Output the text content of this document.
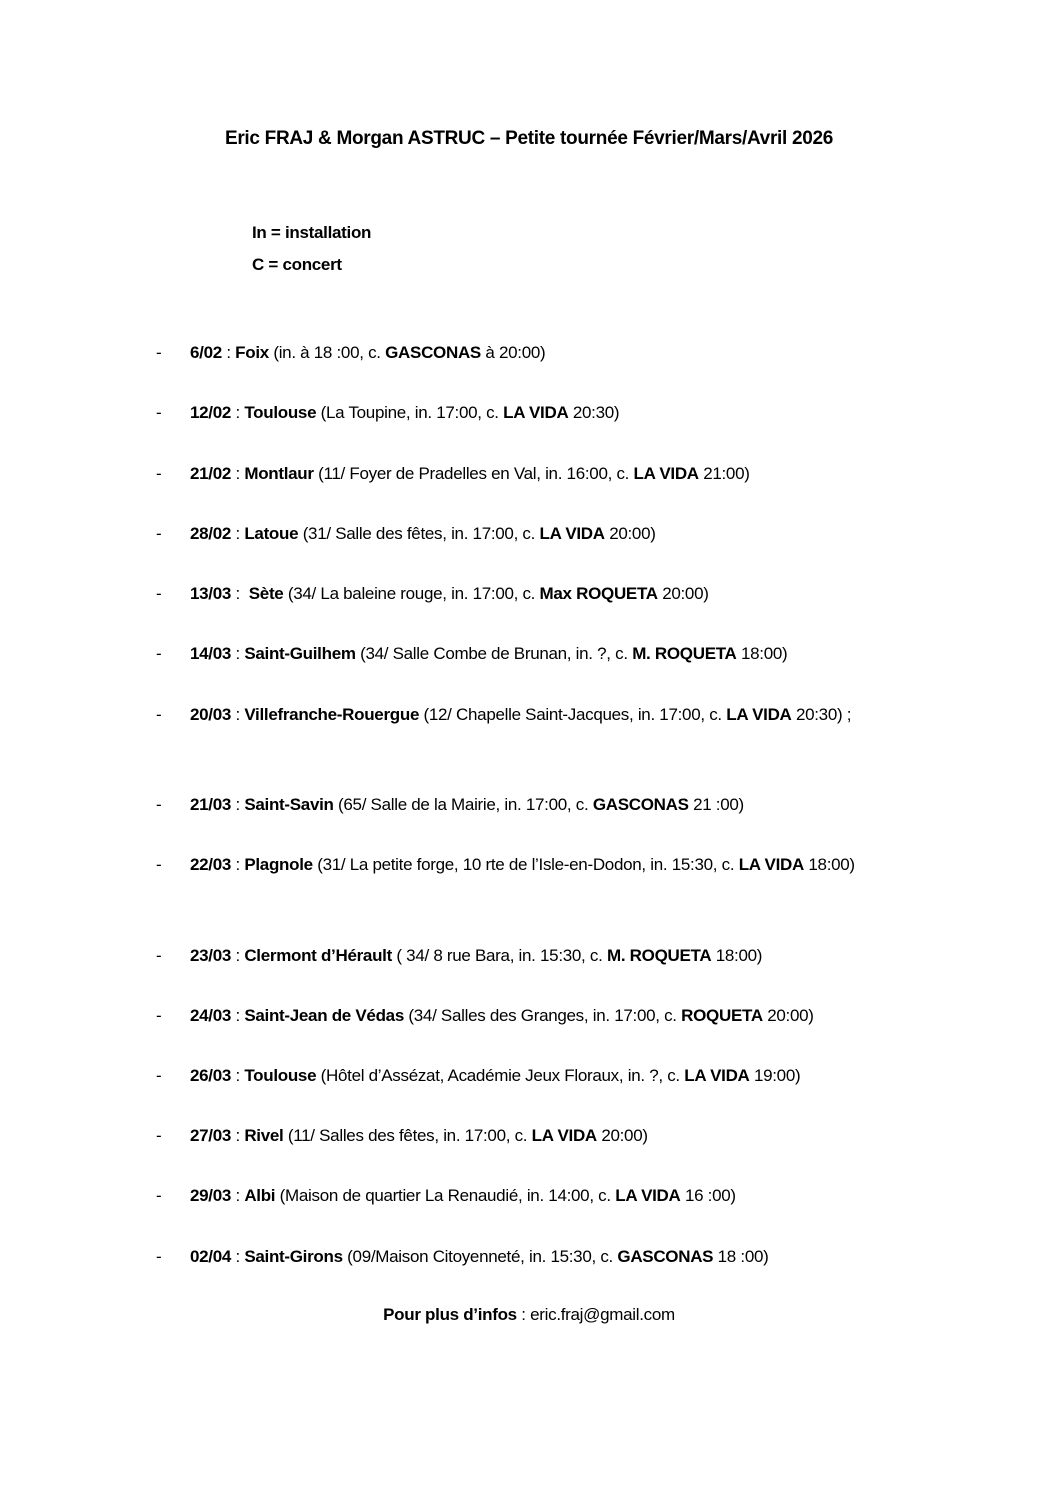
Eric FRAJ & Morgan ASTRUC – Petite tournée Février/Mars/Avril 2026
In = installation
C = concert
- 6/02 : Foix (in. à 18 :00, c. GASCONAS à 20:00)
- 12/02 : Toulouse (La Toupine, in. 17:00, c. LA VIDA 20:30)
- 21/02 : Montlaur (11/ Foyer de Pradelles en Val, in. 16:00, c. LA VIDA 21:00)
- 28/02 : Latoue (31/ Salle des fêtes, in. 17:00, c. LA VIDA 20:00)
- 13/03 :  Sète (34/ La baleine rouge, in. 17:00, c. Max ROQUETA 20:00)
- 14/03 : Saint-Guilhem (34/ Salle Combe de Brunan, in. ?, c. M. ROQUETA 18:00)
- 20/03 : Villefranche-Rouergue (12/ Chapelle Saint-Jacques, in. 17:00, c. LA VIDA 20:30) ;
- 21/03 : Saint-Savin (65/ Salle de la Mairie, in. 17:00, c. GASCONAS 21 :00)
- 22/03 : Plagnole (31/ La petite forge, 10 rte de l’Isle-en-Dodon, in. 15:30, c. LA VIDA 18:00)
- 23/03 : Clermont d’Hérault ( 34/ 8 rue Bara, in. 15:30, c. M. ROQUETA 18:00)
- 24/03 : Saint-Jean de Védas (34/ Salles des Granges, in. 17:00, c. ROQUETA 20:00)
- 26/03 : Toulouse (Hôtel d’Assézat, Académie Jeux Floraux, in. ?, c. LA VIDA 19:00)
- 27/03 : Rivel (11/ Salles des fêtes, in. 17:00, c. LA VIDA 20:00)
- 29/03 : Albi (Maison de quartier La Renaudié, in. 14:00, c. LA VIDA 16 :00)
- 02/04 : Saint-Girons (09/Maison Citoyenneté, in. 15:30, c. GASCONAS 18 :00)
Pour plus d’infos : eric.fraj@gmail.com
